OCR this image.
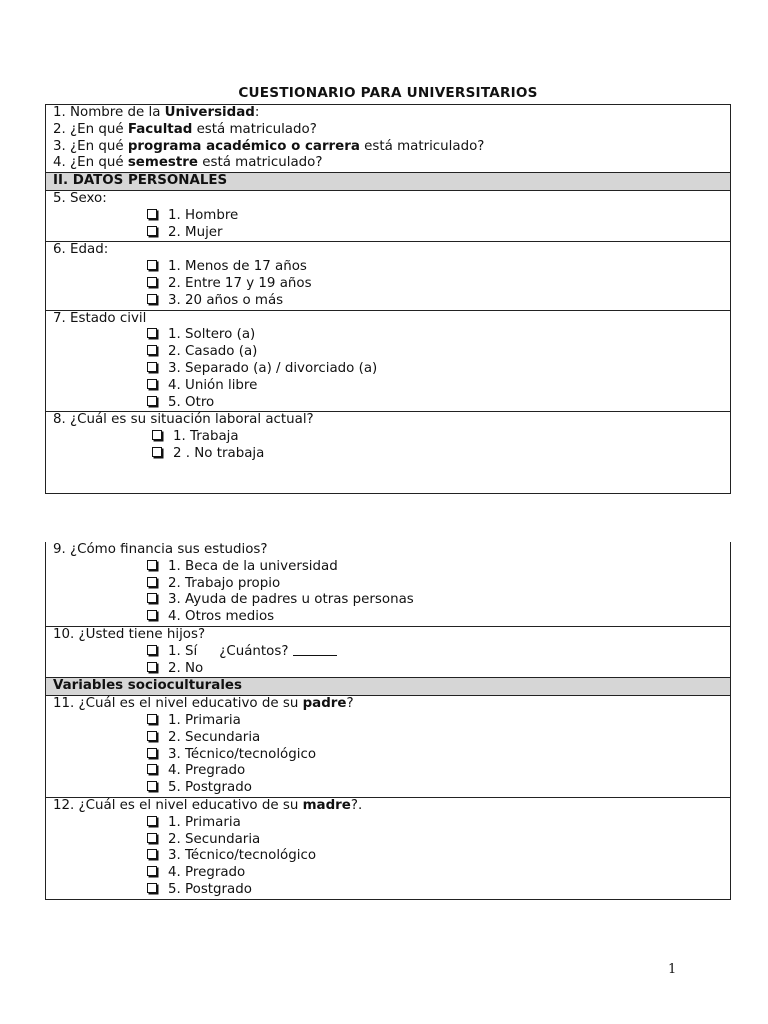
CUESTIONARIO PARA UNIVERSITARIOS
1. Nombre de la Universidad:
2. ¿En qué Facultad está matriculado?
3. ¿En qué programa académico o carrera está matriculado?
4. ¿En qué semestre está matriculado?
II. DATOS PERSONALES
5. Sexo:
1. Hombre
2. Mujer
6. Edad:
1. Menos de 17 años
2. Entre 17 y 19 años
3. 20 años o más
7. Estado civil
1. Soltero (a)
2. Casado (a)
3. Separado (a) / divorciado (a)
4. Unión libre
5. Otro
8. ¿Cuál es su situación laboral actual?
1. Trabaja
2 . No trabaja
9. ¿Cómo financia sus estudios?
1. Beca de la universidad
2. Trabajo propio
3. Ayuda de padres u otras personas
4. Otros medios
10. ¿Usted tiene hijos?
1. Sí ¿Cuántos?
2. No
Variables socioculturales
11. ¿Cuál es el nivel educativo de su padre?
1. Primaria
2. Secundaria
3. Técnico/tecnológico
4. Pregrado
5. Postgrado
12. ¿Cuál es el nivel educativo de su madre?.
1. Primaria
2. Secundaria
3. Técnico/tecnológico
4. Pregrado
5. Postgrado
1
